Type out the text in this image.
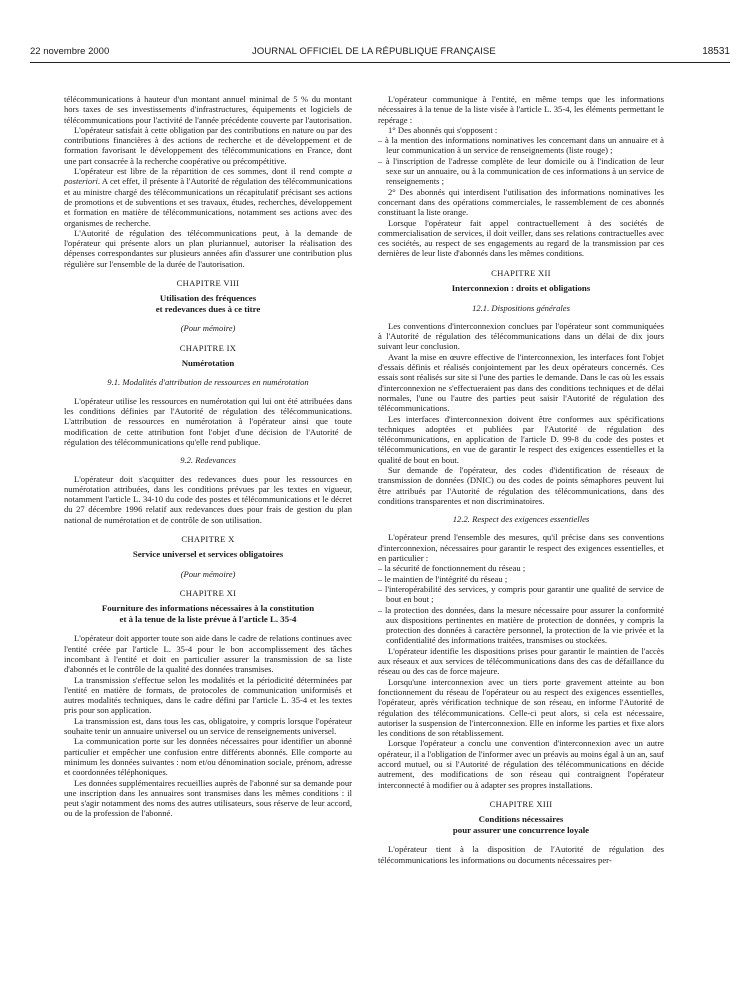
22 novembre 2000	JOURNAL OFFICIEL DE LA RÉPUBLIQUE FRANÇAISE	18531

télécommunications à hauteur d'un montant annuel minimal de 5 % du montant hors taxes de ses investissements d'infrastructures, équipements et logiciels de télécommunications pour l'activité de l'année précédente couverte par l'autorisation.

L'opérateur satisfait à cette obligation par des contributions en nature ou par des contributions financières à des actions de recherche et de développement et de formation favorisant le développement des télécommunications en France, dont une part consacrée à la recherche coopérative ou précompétitive.

L'opérateur est libre de la répartition de ces sommes, dont il rend compte a posteriori. A cet effet, il présente à l'Autorité de régulation des télécommunications et au ministre chargé des télécommunications un récapitulatif précisant ses actions de promotions et de subventions et ses travaux, études, recherches, développement et formation en matière de télécommunications, notamment ses actions avec des organismes de recherche.

L'Autorité de régulation des télécommunications peut, à la demande de l'opérateur qui présente alors un plan pluriannuel, autoriser la réalisation des dépenses correspondantes sur plusieurs années afin d'assurer une contribution plus régulière sur l'ensemble de la durée de l'autorisation.

CHAPITRE VIII
Utilisation des fréquences
et redevances dues à ce titre
(Pour mémoire)
CHAPITRE IX
Numérotation
9.1. Modalités d'attribution de ressources en numérotation

L'opérateur utilise les ressources en numérotation qui lui ont été attribuées dans les conditions définies par l'Autorité de régulation des télécommunications. L'attribution de ressources en numérotation à l'opérateur ainsi que toute modification de cette attribution font l'objet d'une décision de l'Autorité de régulation des télécommunications qu'elle rend publique.

9.2. Redevances

L'opérateur doit s'acquitter des redevances dues pour les ressources en numérotation attribuées, dans les conditions prévues par les textes en vigueur, notamment l'article L. 34-10 du code des postes et télécommunications et le décret du 27 décembre 1996 relatif aux redevances dues pour frais de gestion du plan national de numérotation et de contrôle de son utilisation.

CHAPITRE X
Service universel et services obligatoires
(Pour mémoire)
CHAPITRE XI
Fourniture des informations nécessaires à la constitution
et à la tenue de la liste prévue à l'article L. 35-4

L'opérateur doit apporter toute son aide dans le cadre de relations continues avec l'entité créée par l'article L. 35-4 pour le bon accomplissement des tâches incombant à l'entité et doit en particulier assurer la transmission de sa liste d'abonnés et le contrôle de la qualité des données transmises.

La transmission s'effectue selon les modalités et la périodicité déterminées par l'entité en matière de formats, de protocoles de communication uniformisés et autres modalités techniques, dans le cadre défini par l'article L. 35-4 et les textes pris pour son application.

La transmission est, dans tous les cas, obligatoire, y compris lorsque l'opérateur souhaite tenir un annuaire universel ou un service de renseignements universel.

La communication porte sur les données nécessaires pour identifier un abonné particulier et empêcher une confusion entre différents abonnés. Elle comporte au minimum les données suivantes : nom et/ou dénomination sociale, prénom, adresse et coordonnées téléphoniques.

Les données supplémentaires recueillies auprès de l'abonné sur sa demande pour une inscription dans les annuaires sont transmises dans les mêmes conditions : il peut s'agir notamment des noms des autres utilisateurs, sous réserve de leur accord, ou de la profession de l'abonné.

L'opérateur communique à l'entité, en même temps que les informations nécessaires à la tenue de la liste visée à l'article L. 35-4, les éléments permettant le repérage :

1° Des abonnés qui s'opposent :

– à la mention des informations nominatives les concernant dans un annuaire et à leur communication à un service de renseignements (liste rouge) ;

– à l'inscription de l'adresse complète de leur domicile ou à l'indication de leur sexe sur un annuaire, ou à la communication de ces informations à un service de renseignements ;

2° Des abonnés qui interdisent l'utilisation des informations nominatives les concernant dans des opérations commerciales, le rassemblement de ces abonnés constituant la liste orange.

Lorsque l'opérateur fait appel contractuellement à des sociétés de commercialisation de services, il doit veiller, dans ses relations contractuelles avec ces sociétés, au respect de ses engagements au regard de la transmission par ces dernières de leur liste d'abonnés dans les mêmes conditions.

CHAPITRE XII
Interconnexion : droits et obligations
12.1. Dispositions générales

Les conventions d'interconnexion conclues par l'opérateur sont communiquées à l'Autorité de régulation des télécommunications dans un délai de dix jours suivant leur conclusion.

Avant la mise en œuvre effective de l'interconnexion, les interfaces font l'objet d'essais définis et réalisés conjointement par les deux opérateurs concernés. Ces essais sont réalisés sur site si l'une des parties le demande. Dans le cas où les essais d'interconnexion ne s'effectueraient pas dans des conditions techniques et de délai normales, l'une ou l'autre des parties peut saisir l'Autorité de régulation des télécommunications.

Les interfaces d'interconnexion doivent être conformes aux spécifications techniques adoptées et publiées par l'Autorité de régulation des télécommunications, en application de l'article D. 99-8 du code des postes et télécommunications, en vue de garantir le respect des exigences essentielles et la qualité de bout en bout.

Sur demande de l'opérateur, des codes d'identification de réseaux de transmission de données (DNIC) ou des codes de points sémaphores peuvent lui être attribués par l'Autorité de régulation des télécommunications, dans des conditions transparentes et non discriminatoires.

12.2. Respect des exigences essentielles

L'opérateur prend l'ensemble des mesures, qu'il précise dans ses conventions d'interconnexion, nécessaires pour garantir le respect des exigences essentielles, et en particulier :

– la sécurité de fonctionnement du réseau ;

– le maintien de l'intégrité du réseau ;

– l'interopérabilité des services, y compris pour garantir une qualité de service de bout en bout ;

– la protection des données, dans la mesure nécessaire pour assurer la conformité aux dispositions pertinentes en matière de protection de données, y compris la protection des données à caractère personnel, la protection de la vie privée et la confidentialité des informations traitées, transmises ou stockées.

L'opérateur identifie les dispositions prises pour garantir le maintien de l'accès aux réseaux et aux services de télécommunications dans des cas de défaillance du réseau ou des cas de force majeure.

Lorsqu'une interconnexion avec un tiers porte gravement atteinte au bon fonctionnement du réseau de l'opérateur ou au respect des exigences essentielles, l'opérateur, après vérification technique de son réseau, en informe l'Autorité de régulation des télécommunications. Celle-ci peut alors, si cela est nécessaire, autoriser la suspension de l'interconnexion. Elle en informe les parties et fixe alors les conditions de son rétablissement.

Lorsque l'opérateur a conclu une convention d'interconnexion avec un autre opérateur, il a l'obligation de l'informer avec un préavis au moins égal à un an, sauf accord mutuel, ou si l'Autorité de régulation des télécommunications en décide autrement, des modifications de son réseau qui contraignent l'opérateur interconnecté à modifier ou à adapter ses propres installations.

CHAPITRE XIII
Conditions nécessaires
pour assurer une concurrence loyale

L'opérateur tient à la disposition de l'Autorité de régulation des télécommunications les informations ou documents nécessaires per-
